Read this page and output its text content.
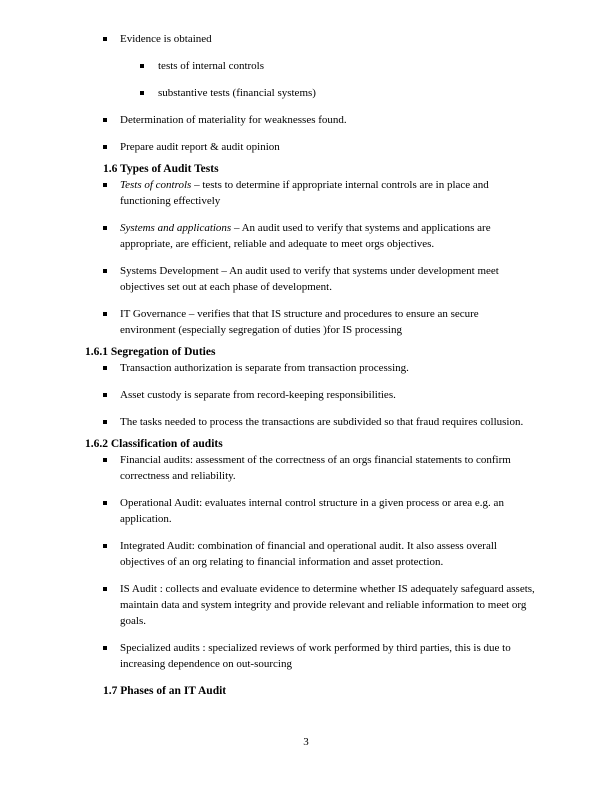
Evidence is obtained
tests of internal controls
substantive tests (financial systems)
Determination of materiality for weaknesses found.
Prepare audit report & audit opinion
1.6 Types of Audit Tests
Tests of controls – tests to determine if appropriate internal controls are in place and functioning effectively
Systems and applications – An audit used to verify that systems and applications are appropriate, are efficient, reliable and adequate to meet orgs objectives.
Systems Development – An audit used to verify that systems under development meet objectives set out at each phase of development.
IT Governance – verifies that that IS structure and procedures to ensure an secure environment (especially segregation of duties )for IS processing
1.6.1 Segregation of Duties
Transaction authorization is separate from transaction processing.
Asset custody is separate from record-keeping responsibilities.
The tasks needed to process the transactions are subdivided so that fraud requires collusion.
1.6.2 Classification of audits
Financial audits: assessment of the correctness of an orgs financial statements to confirm correctness and reliability.
Operational Audit: evaluates internal control structure in a given process or area e.g. an application.
Integrated Audit: combination of financial and operational audit. It also assess overall objectives of an org relating to financial information and asset protection.
IS Audit : collects and evaluate evidence to determine whether IS adequately safeguard assets, maintain data and system integrity and provide relevant and reliable information to meet org goals.
Specialized audits : specialized reviews of work performed by third parties, this is due to increasing dependence on out-sourcing
1.7 Phases of an IT Audit
3
